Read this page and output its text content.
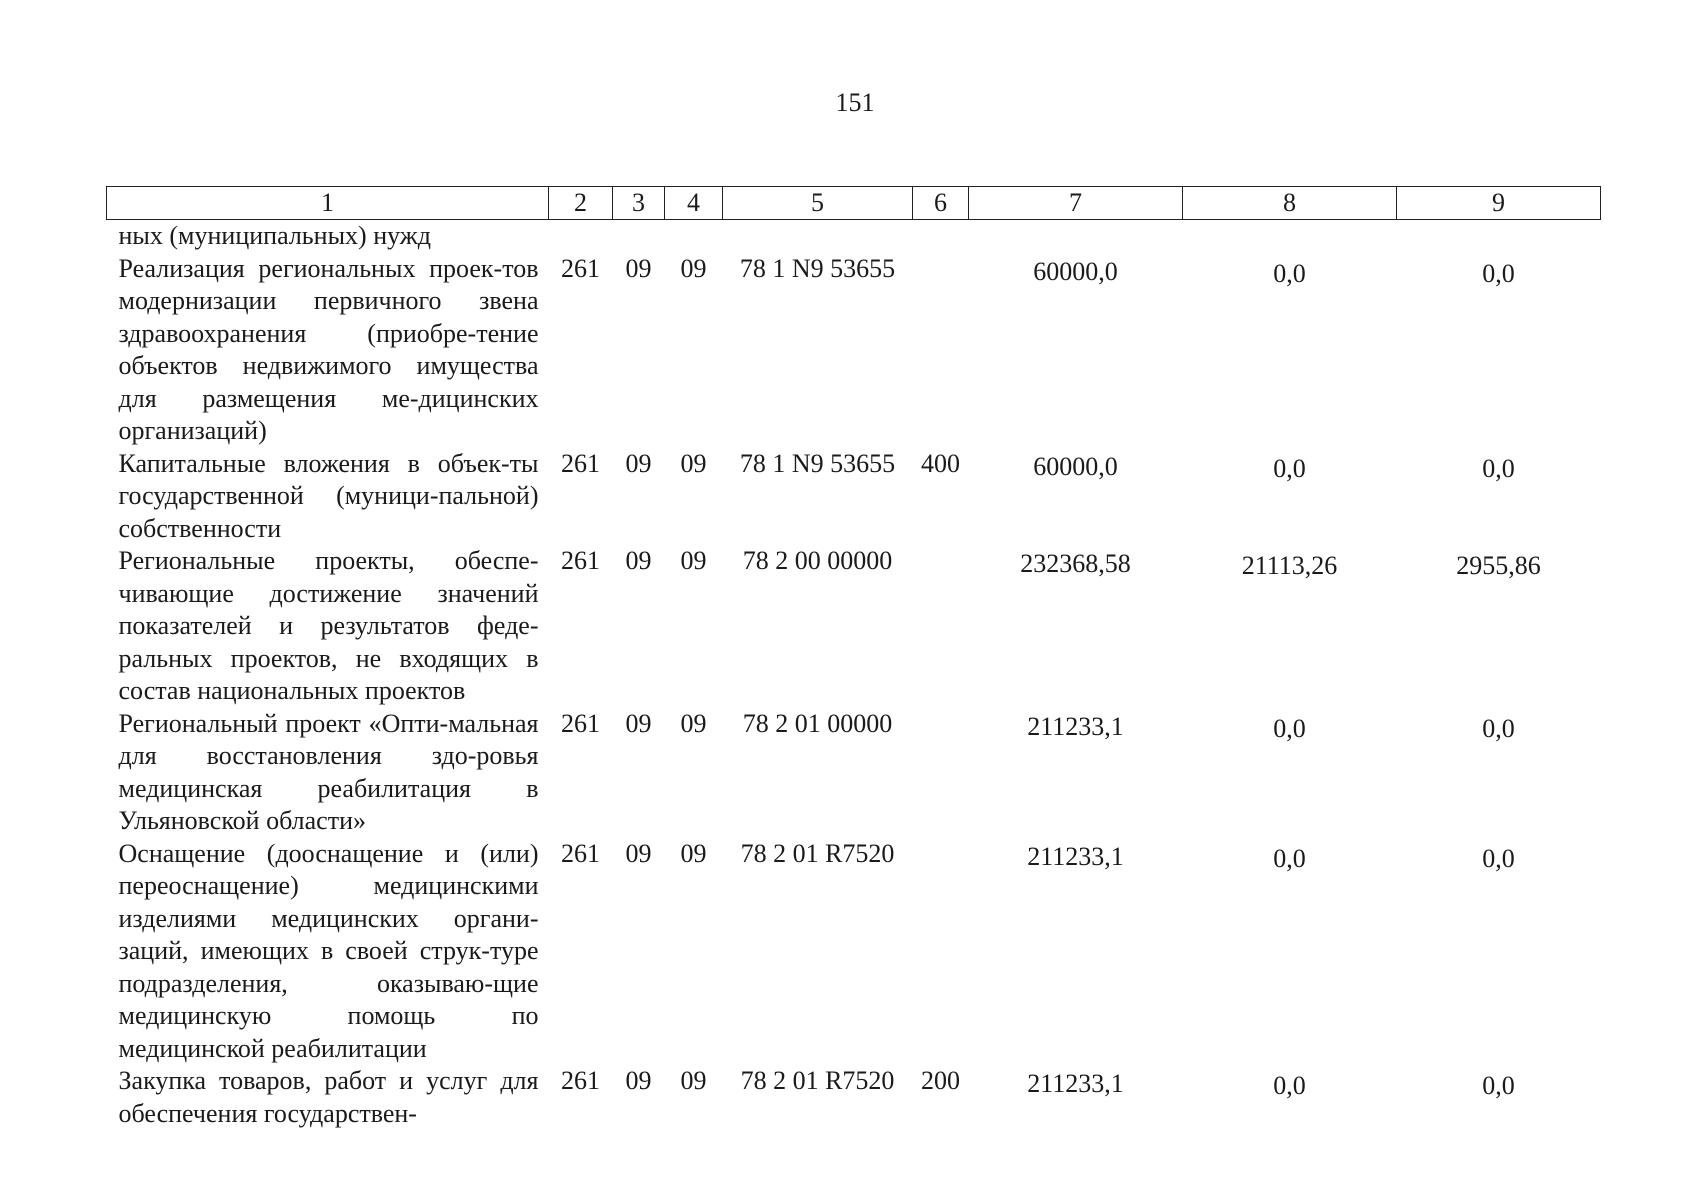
151
1	2	3	4	5	6	7	8	9
ных (муниципальных) нужд								
Реализация региональных проек-тов модернизации первичного звена здравоохранения (приобре-тение объектов недвижимого имущества для размещения ме-дицинских организаций)	261	09	09	78 1 N9 53655		60000,0	0,0	0,0
Капитальные вложения в объек-ты государственной (муници-пальной) собственности	261	09	09	78 1 N9 53655	400	60000,0	0,0	0,0
Региональные проекты, обеспе-чивающие достижение значений показателей и результатов феде-ральных проектов, не входящих в состав национальных проектов	261	09	09	78 2 00 00000		232368,58	21113,26	2955,86
Региональный проект «Опти-мальная для восстановления здо-ровья медицинская реабилитация в Ульяновской области»	261	09	09	78 2 01 00000		211233,1	0,0	0,0
Оснащение (дооснащение и (или) переоснащение) медицинскими изделиями медицинских органи-заций, имеющих в своей струк-туре подразделения, оказываю-щие медицинскую помощь по медицинской реабилитации	261	09	09	78 2 01 R7520		211233,1	0,0	0,0
Закупка товаров, работ и услуг для обеспечения государствен-	261	09	09	78 2 01 R7520	200	211233,1	0,0	0,0
